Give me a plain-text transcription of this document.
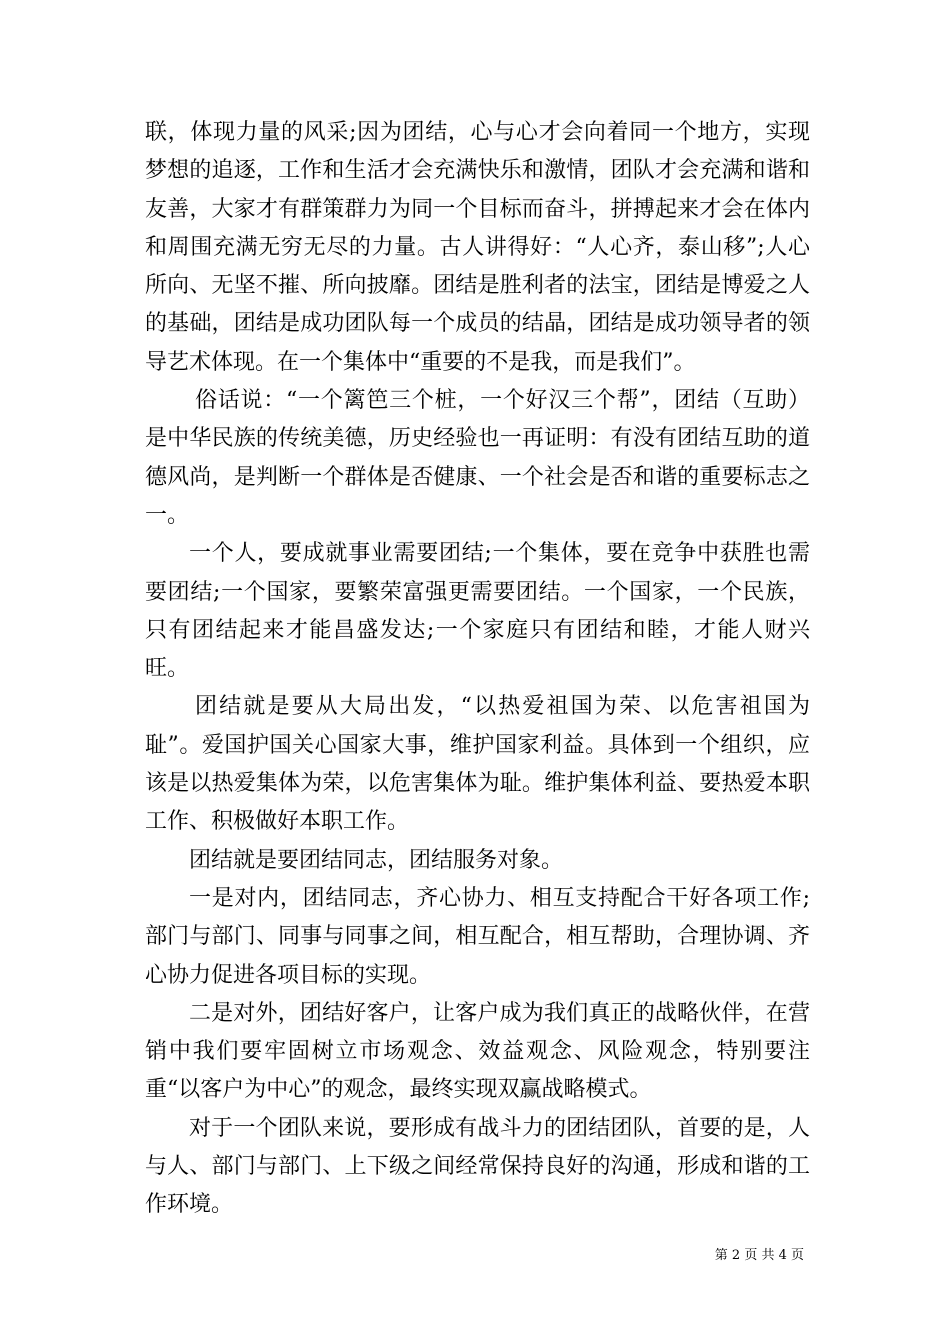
联，体现力量的风采;因为团结，心与心才会向着同一个地方，实现梦想的追逐，工作和生活才会充满快乐和激情，团队才会充满和谐和友善，大家才有群策群力为同一个目标而奋斗，拼搏起来才会在体内和周围充满无穷无尽的力量。古人讲得好：“人心齐，泰山移”;人心所向、无坚不摧、所向披靡。团结是胜利者的法宝，团结是博爱之人的基础，团结是成功团队每一个成员的结晶，团结是成功领导者的领导艺术体现。在一个集体中“重要的不是我，而是我们”。

俗话说：“一个篱笆三个桩，一个好汉三个帮”，团结（互助）是中华民族的传统美德，历史经验也一再证明：有没有团结互助的道德风尚，是判断一个群体是否健康、一个社会是否和谐的重要标志之一。

一个人，要成就事业需要团结;一个集体，要在竞争中获胜也需要团结;一个国家，要繁荣富强更需要团结。一个国家，一个民族，只有团结起来才能昌盛发达;一个家庭只有团结和睦，才能人财兴旺。

团结就是要从大局出发，“以热爱祖国为荣、以危害祖国为耻”。爱国护国关心国家大事，维护国家利益。具体到一个组织，应该是以热爱集体为荣，以危害集体为耻。维护集体利益、要热爱本职工作、积极做好本职工作。

团结就是要团结同志，团结服务对象。

一是对内，团结同志，齐心协力、相互支持配合干好各项工作;部门与部门、同事与同事之间，相互配合，相互帮助，合理协调、齐心协力促进各项目标的实现。

二是对外，团结好客户，让客户成为我们真正的战略伙伴，在营销中我们要牢固树立市场观念、效益观念、风险观念，特别要注重“以客户为中心”的观念，最终实现双赢战略模式。

对于一个团队来说，要形成有战斗力的团结团队，首要的是，人与人、部门与部门、上下级之间经常保持良好的沟通，形成和谐的工作环境。

第 2 页 共 4 页
